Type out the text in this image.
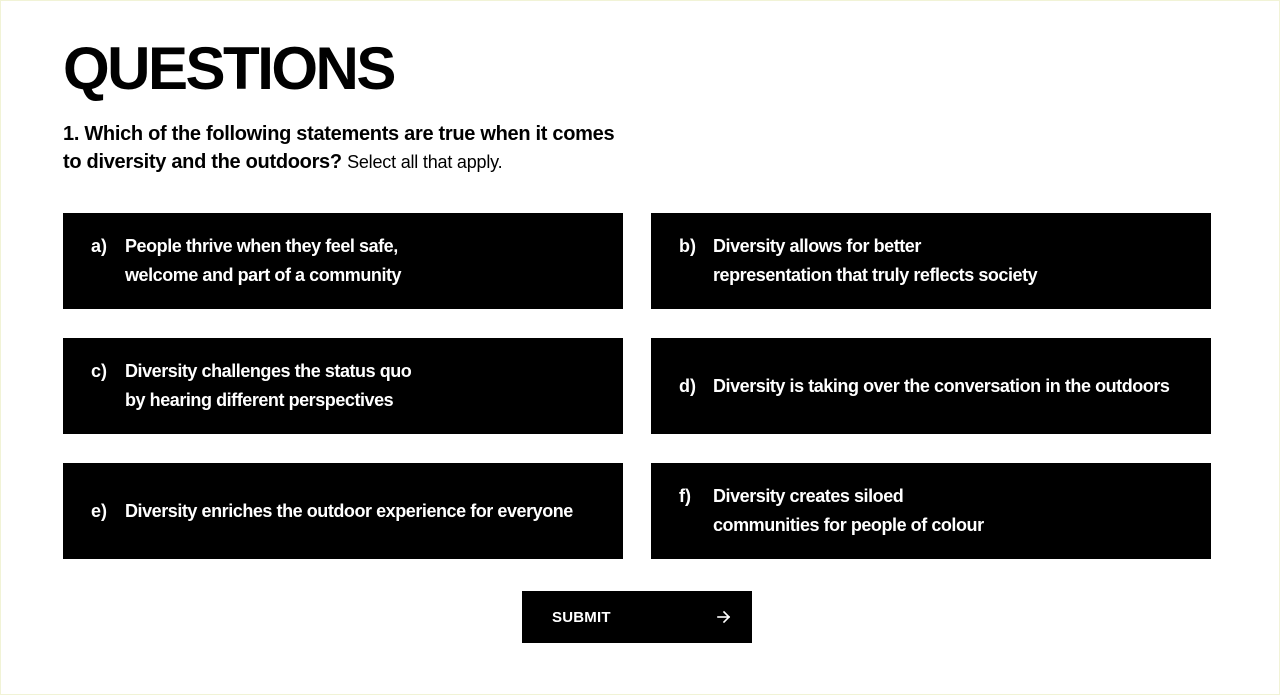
QUESTIONS

1. Which of the following statements are true when it comes to diversity and the outdoors? Select all that apply.

a) People thrive when they feel safe,
welcome and part of a community
b) Diversity allows for better
representation that truly reflects society
c) Diversity challenges the status quo
by hearing different perspectives
d) Diversity is taking over the conversation in the outdoors
e) Diversity enriches the outdoor experience for everyone
f)	Diversity creates siloed
communities for people of colour
SUBMIT
